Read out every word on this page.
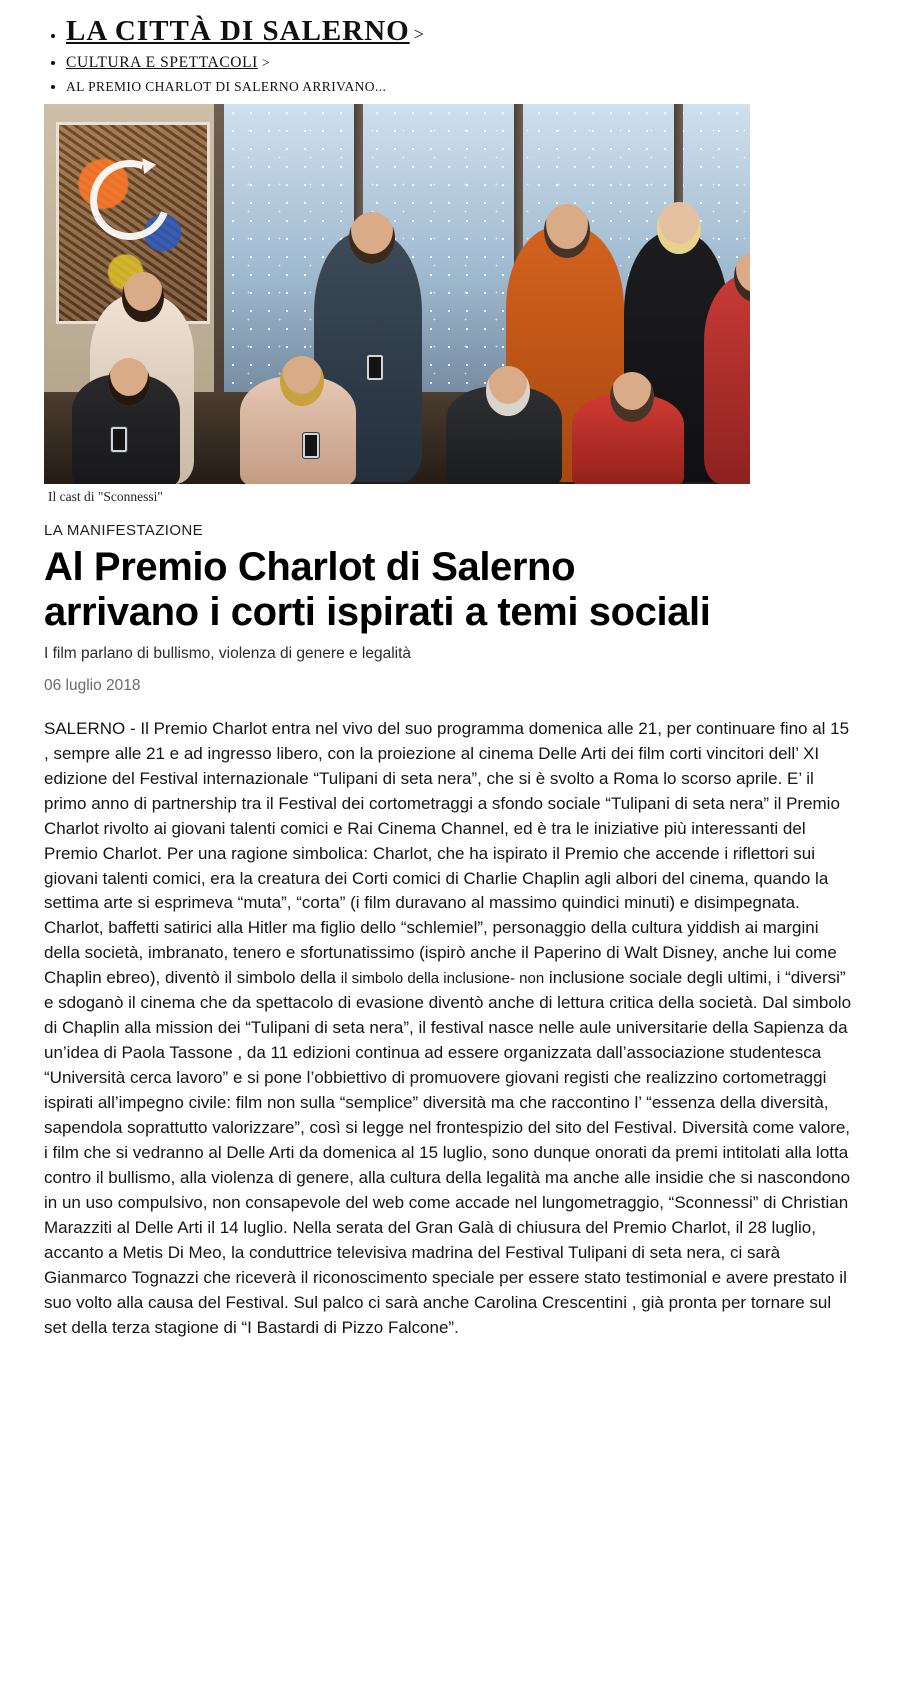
• LA CITTÀ DI SALERNO >
• CULTURA E SPETTACOLI >
• AL PREMIO CHARLOT DI SALERNO ARRIVANO...
Il cast di "Sconnessi"
LA MANIFESTAZIONE
Al Premio Charlot di Salerno arrivano i corti ispirati a temi sociali
I film parlano di bullismo, violenza di genere e legalità
06 luglio 2018

SALERNO - Il Premio Charlot entra nel vivo del suo programma domenica alle 21, per continuare fino al 15 , sempre alle 21 e ad ingresso libero, con la proiezione al cinema Delle Arti dei film corti vincitori dell’ XI edizione del Festival internazionale “Tulipani di seta nera”, che si è svolto a Roma lo scorso aprile. E’ il primo anno di partnership tra il Festival dei cortometraggi a sfondo sociale “Tulipani di seta nera” il Premio Charlot rivolto ai giovani talenti comici e Rai Cinema Channel, ed è tra le iniziative più interessanti del Premio Charlot. Per una ragione simbolica: Charlot, che ha ispirato il Premio che accende i riflettori sui giovani talenti comici, era la creatura dei Corti comici di Charlie Chaplin agli albori del cinema, quando la settima arte si esprimeva “muta”, “corta” (i film duravano al massimo quindici minuti) e disimpegnata. Charlot, baffetti satirici alla Hitler ma figlio dello “schlemiel”, personaggio della cultura yiddish ai margini della società, imbranato, tenero e sfortunatissimo (ispirò anche il Paperino di Walt Disney, anche lui come Chaplin ebreo), diventò il simbolo della il simbolo della inclusione- non inclusione sociale degli ultimi, i “diversi” e sdoganò il cinema che da spettacolo di evasione diventò anche di lettura critica della società. Dal simbolo di Chaplin alla mission dei “Tulipani di seta nera”, il festival nasce nelle aule universitarie della Sapienza da un’idea di Paola Tassone , da 11 edizioni continua ad essere organizzata dall’associazione studentesca “Università cerca lavoro” e si pone l’obbiettivo di promuovere giovani registi che realizzino cortometraggi ispirati all’impegno civile: film non sulla “semplice” diversità ma che raccontino l’ “essenza della diversità, sapendola soprattutto valorizzare”, così si legge nel frontespizio del sito del Festival. Diversità come valore, i film che si vedranno al Delle Arti da domenica al 15 luglio, sono dunque onorati da premi intitolati alla lotta contro il bullismo, alla violenza di genere, alla cultura della legalità ma anche alle insidie che si nascondono in un uso compulsivo, non consapevole del web come accade nel lungometraggio, “Sconnessi” di Christian Marazziti al Delle Arti il 14 luglio. Nella serata del Gran Galà di chiusura del Premio Charlot, il 28 luglio, accanto a Metis Di Meo, la conduttrice televisiva madrina del Festival Tulipani di seta nera, ci sarà Gianmarco Tognazzi che riceverà il riconoscimento speciale per essere stato testimonial e avere prestato il suo volto alla causa del Festival. Sul palco ci sarà anche Carolina Crescentini , già pronta per tornare sul set della terza stagione di “I Bastardi di Pizzo Falcone”.
